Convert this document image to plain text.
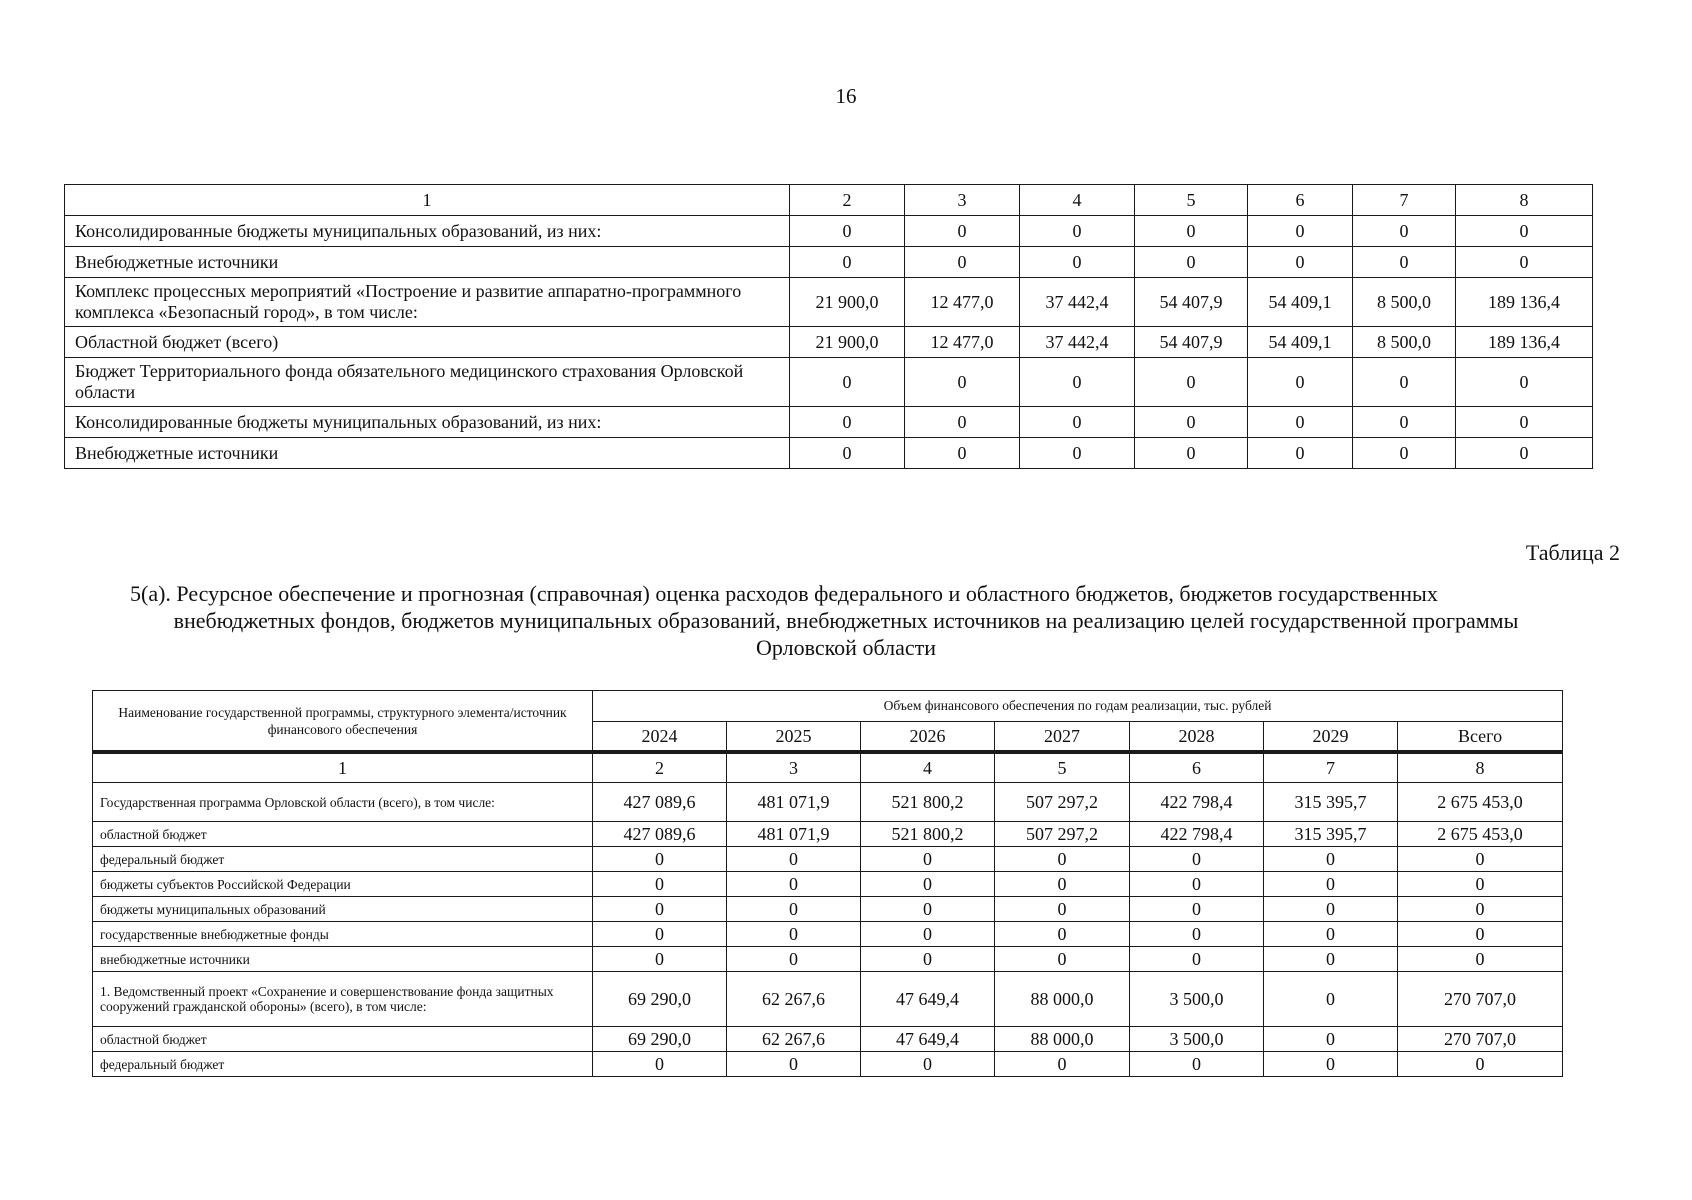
16
1	2	3	4	5	6	7	8
Консолидированные бюджеты муниципальных образований, из них:	0	0	0	0	0	0	0
Внебюджетные источники	0	0	0	0	0	0	0
Комплекс процессных мероприятий «Построение и развитие аппаратно-программного комплекса «Безопасный город», в том числе:	21 900,0	12 477,0	37 442,4	54 407,9	54 409,1	8 500,0	189 136,4
Областной бюджет (всего)	21 900,0	12 477,0	37 442,4	54 407,9	54 409,1	8 500,0	189 136,4
Бюджет Территориального фонда обязательного медицинского страхования Орловской области	0	0	0	0	0	0	0
Консолидированные бюджеты муниципальных образований, из них:	0	0	0	0	0	0	0
Внебюджетные источники	0	0	0	0	0	0	0
Таблица 2
5(а). Ресурсное обеспечение и прогнозная (справочная) оценка расходов федерального и областного бюджетов, бюджетов государственных
внебюджетных фондов, бюджетов муниципальных образований, внебюджетных источников на реализацию целей государственной программы
Орловской области
Наименование государственной программы, структурного элемента/источник финансового обеспечения	Объем финансового обеспечения по годам реализации, тыс. рублей						
	2024	2025	2026	2027	2028	2029	Всего
1	2	3	4	5	6	7	8
Государственная программа Орловской области (всего), в том числе:	427 089,6	481 071,9	521 800,2	507 297,2	422 798,4	315 395,7	2 675 453,0
областной бюджет	427 089,6	481 071,9	521 800,2	507 297,2	422 798,4	315 395,7	2 675 453,0
федеральный бюджет	0	0	0	0	0	0	0
бюджеты субъектов Российской Федерации	0	0	0	0	0	0	0
бюджеты муниципальных образований	0	0	0	0	0	0	0
государственные внебюджетные фонды	0	0	0	0	0	0	0
внебюджетные источники	0	0	0	0	0	0	0
1. Ведомственный проект «Сохранение и совершенствование фонда защитных сооружений гражданской обороны» (всего), в том числе:	69 290,0	62 267,6	47 649,4	88 000,0	3 500,0	0	270 707,0
областной бюджет	69 290,0	62 267,6	47 649,4	88 000,0	3 500,0	0	270 707,0
федеральный бюджет	0	0	0	0	0	0	0
